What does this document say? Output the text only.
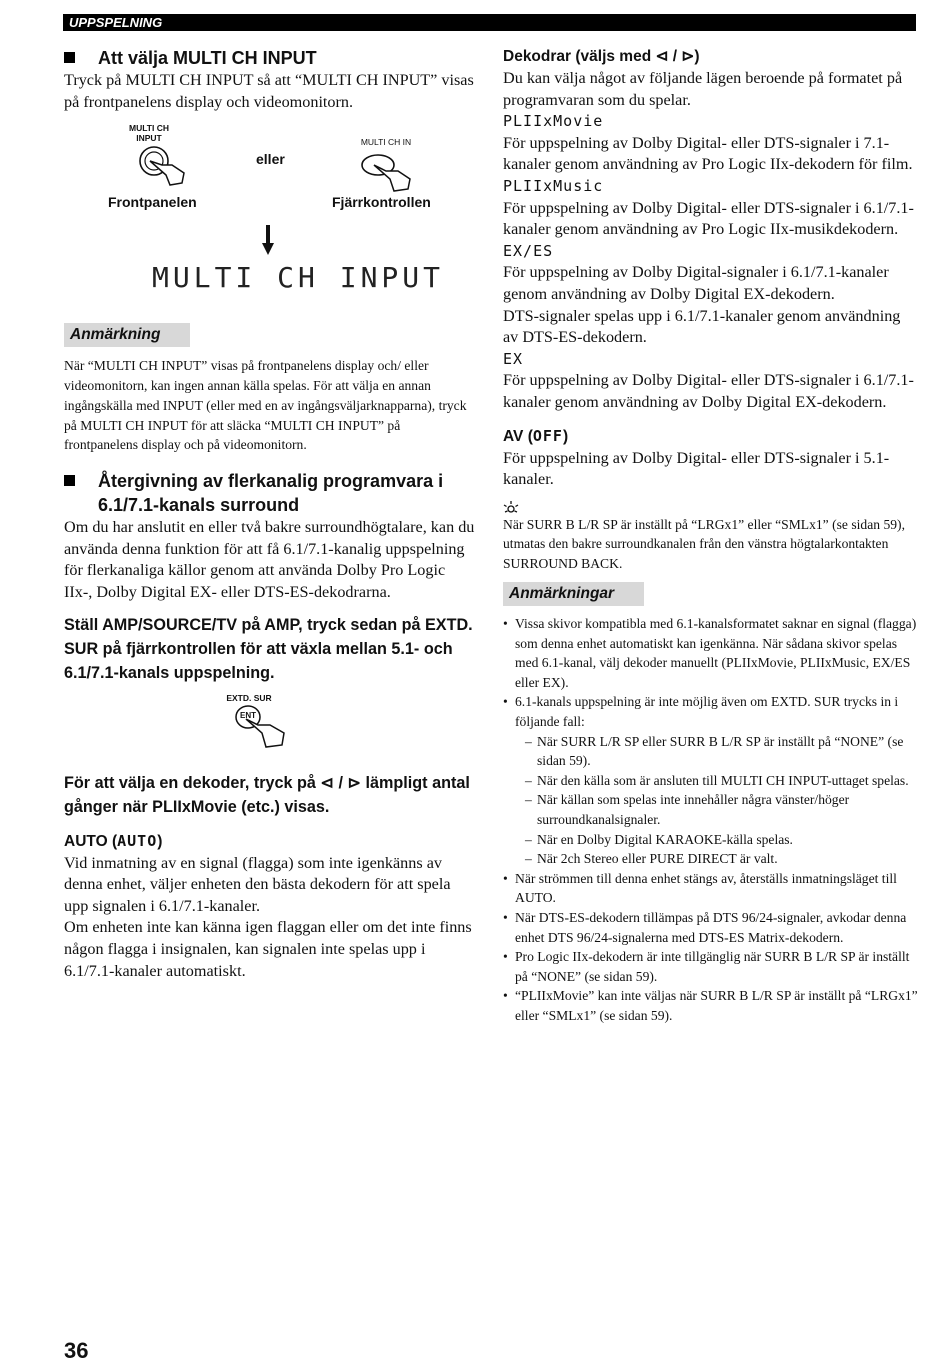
UPPSPELNING
Att välja MULTI CH INPUT

Tryck på MULTI CH INPUT så att “MULTI CH INPUT” visas på frontpanelens display och videomonitorn.

MULTI CH
INPUT
eller
MULTI CH IN
Frontpanelen	Fjärrkontrollen
MULTI CH INPUT
Anmärkning

När “MULTI CH INPUT” visas på frontpanelens display och/ eller videomonitorn, kan ingen annan källa spelas. För att välja en annan ingångskälla med INPUT (eller med en av ingångsväljarknapparna), tryck på MULTI CH INPUT för att släcka “MULTI CH INPUT” på frontpanelens display och på videomonitorn.

Återgivning av flerkanalig programvara i
6.1/7.1-kanals surround

Om du har anslutit en eller två bakre surroundhögtalare, kan du använda denna funktion för att få 6.1/7.1-kanalig uppspelning för flerkanaliga källor genom att använda Dolby Pro Logic IIx-, Dolby Digital EX- eller DTS-ES-dekodrarna.

Ställ AMP/SOURCE/TV på AMP, tryck sedan på EXTD. SUR på fjärrkontrollen för att växla mellan 5.1- och 6.1/7.1-kanals uppspelning.

EXTD. SUR
ENT

För att välja en dekoder, tryck på ⊲ / ⊳ lämpligt antal gånger när PLIIxMovie (etc.) visas.

AUTO (AUTO)

Vid inmatning av en signal (flagga) som inte igenkänns av denna enhet, väljer enheten den bästa dekodern för att spela upp signalen i 6.1/7.1-kanaler.

Om enheten inte kan känna igen flaggan eller om det inte finns någon flagga i insignalen, kan signalen inte spelas upp i 6.1/7.1-kanaler automatiskt.

Dekodrar (väljs med ⊲ / ⊳)

Du kan välja något av följande lägen beroende på formatet på programvaran som du spelar.

PLIIxMovie

För uppspelning av Dolby Digital- eller DTS-signaler i 7.1-kanaler genom användning av Pro Logic IIx-dekodern för film.

PLIIxMusic

För uppspelning av Dolby Digital- eller DTS-signaler i 6.1/7.1-kanaler genom användning av Pro Logic IIx-musikdekodern.

EX/ES

För uppspelning av Dolby Digital-signaler i 6.1/7.1-kanaler genom användning av Dolby Digital EX-dekodern.

DTS-signaler spelas upp i 6.1/7.1-kanaler genom användning av DTS-ES-dekodern.

EX

För uppspelning av Dolby Digital- eller DTS-signaler i 6.1/7.1-kanaler genom användning av Dolby Digital EX-dekodern.

AV (OFF)

För uppspelning av Dolby Digital- eller DTS-signaler i 5.1-kanaler.

När SURR B L/R SP är inställt på “LRGx1” eller “SMLx1” (se sidan 59), utmatas den bakre surroundkanalen från den vänstra högtalarkontakten SURROUND BACK.

Anmärkningar
• Vissa skivor kompatibla med 6.1-kanalsformatet saknar en signal (flagga) som denna enhet automatiskt kan igenkänna. När sådana skivor spelas med 6.1-kanal, välj dekoder manuellt (PLIIxMovie, PLIIxMusic, EX/ES eller EX).
• 6.1-kanals uppspelning är inte möjlig även om EXTD. SUR trycks in i följande fall:
– När SURR L/R SP eller SURR B L/R SP är inställt på “NONE” (se sidan 59).
– När den källa som är ansluten till MULTI CH INPUT-uttaget spelas.
– När källan som spelas inte innehåller några vänster/höger surroundkanalsignaler.
– När en Dolby Digital KARAOKE-källa spelas.
– När 2ch Stereo eller PURE DIRECT är valt.
• När strömmen till denna enhet stängs av, återställs inmatningsläget till AUTO.
• När DTS-ES-dekodern tillämpas på DTS 96/24-signaler, avkodar denna enhet DTS 96/24-signalerna med DTS-ES Matrix-dekodern.
• Pro Logic IIx-dekodern är inte tillgänglig när SURR B L/R SP är inställt på “NONE” (se sidan 59).
• “PLIIxMovie” kan inte väljas när SURR B L/R SP är inställt på “LRGx1” eller “SMLx1” (se sidan 59).
36
